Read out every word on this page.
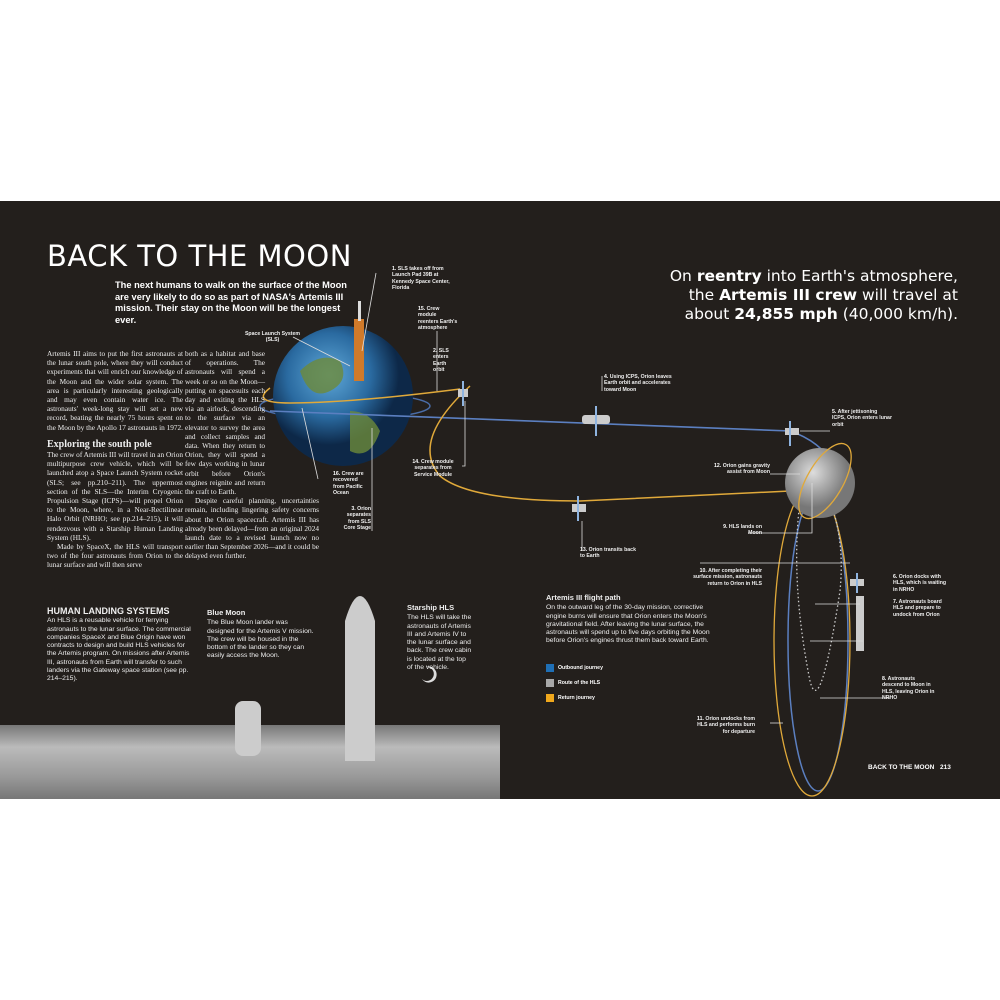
BACK TO THE MOON
The next humans to walk on the surface of the Moon are very likely to do so as part of NASA's Artemis III mission. Their stay on the Moon will be the longest ever.
On reentry into Earth's atmosphere, the Artemis III crew will travel at about 24,855 mph (40,000 km/h).

Artemis III aims to put the first astronauts at the lunar south pole, where they will conduct experiments that will enrich our knowledge of the Moon and the wider solar system. The area is particularly interesting geologically and may even contain water ice. The astronauts' week-long stay will set a new record, beating the nearly 75 hours spent on the Moon by the Apollo 17 astronauts in 1972.

Exploring the south pole

The crew of Artemis III will travel in an Orion multipurpose crew vehicle, which will be launched atop a Space Launch System rocket (SLS; see pp.210–211). The uppermost section of the SLS—the Interim Cryogenic Propulsion Stage (ICPS)—will propel Orion to the Moon, where, in a Near-Rectilinear Halo Orbit (NRHO; see pp.214–215), it will rendezvous with a Starship Human Landing System (HLS).

Made by SpaceX, the HLS will transport two of the four astronauts from Orion to the lunar surface and will then serve

both as a habitat and base of operations. The astronauts will spend a week or so on the Moon—putting on spacesuits each day and exiting the HLS via an airlock, descending to the surface via an elevator to survey the area and collect samples and data. When they return to Orion, they will spend a few days working in lunar orbit before Orion's engines reignite and return the craft to Earth.

Despite careful planning, uncertainties remain, including lingering safety concerns about the Orion spacecraft. Artemis III has already been delayed—from an original 2024 launch date to a revised launch now no earlier than September 2026—and it could be delayed even further.

HUMAN LANDING SYSTEMS
An HLS is a reusable vehicle for ferrying astronauts to the lunar surface. The commercial companies SpaceX and Blue Origin have won contracts to design and build HLS vehicles for the Artemis program. On missions after Artemis III, astronauts from Earth will transfer to such landers via the Gateway space station (see pp. 214–215).
Blue Moon
The Blue Moon lander was designed for the Artemis V mission. The crew will be housed in the bottom of the lander so they can easily access the Moon.
Starship HLS
The HLS will take the astronauts of Artemis III and Artemis IV to the lunar surface and back. The crew cabin is located at the top of the vehicle.
Artemis III flight path
On the outward leg of the 30-day mission, corrective engine burns will ensure that Orion enters the Moon's gravitational field. After leaving the lunar surface, the astronauts will spend up to five days orbiting the Moon before Orion's engines thrust them back toward Earth.
Outbound journey
Route of the HLS
Return journey
Space Launch System (SLS)
1. SLS takes off from Launch Pad 39B at Kennedy Space Center, Florida
15. Crew module reenters Earth's atmosphere
2. SLS enters Earth orbit
3. Orion separates from SLS Core Stage
16. Crew are recovered from Pacific Ocean
14. Crew module separates from Service Module
4. Using ICPS, Orion leaves Earth orbit and accelerates toward Moon
5. After jettisoning ICPS, Orion enters lunar orbit
12. Orion gains gravity assist from Moon
9. HLS lands on Moon
10. After completing their surface mission, astronauts return to Orion in HLS
6. Orion docks with HLS, which is waiting in NRHO
7. Astronauts board HLS and prepare to undock from Orion
8. Astronauts descend to Moon in HLS, leaving Orion in NRHO
11. Orion undocks from HLS and performs burn for departure
13. Orion transits back to Earth
BACK TO THE MOON 213
